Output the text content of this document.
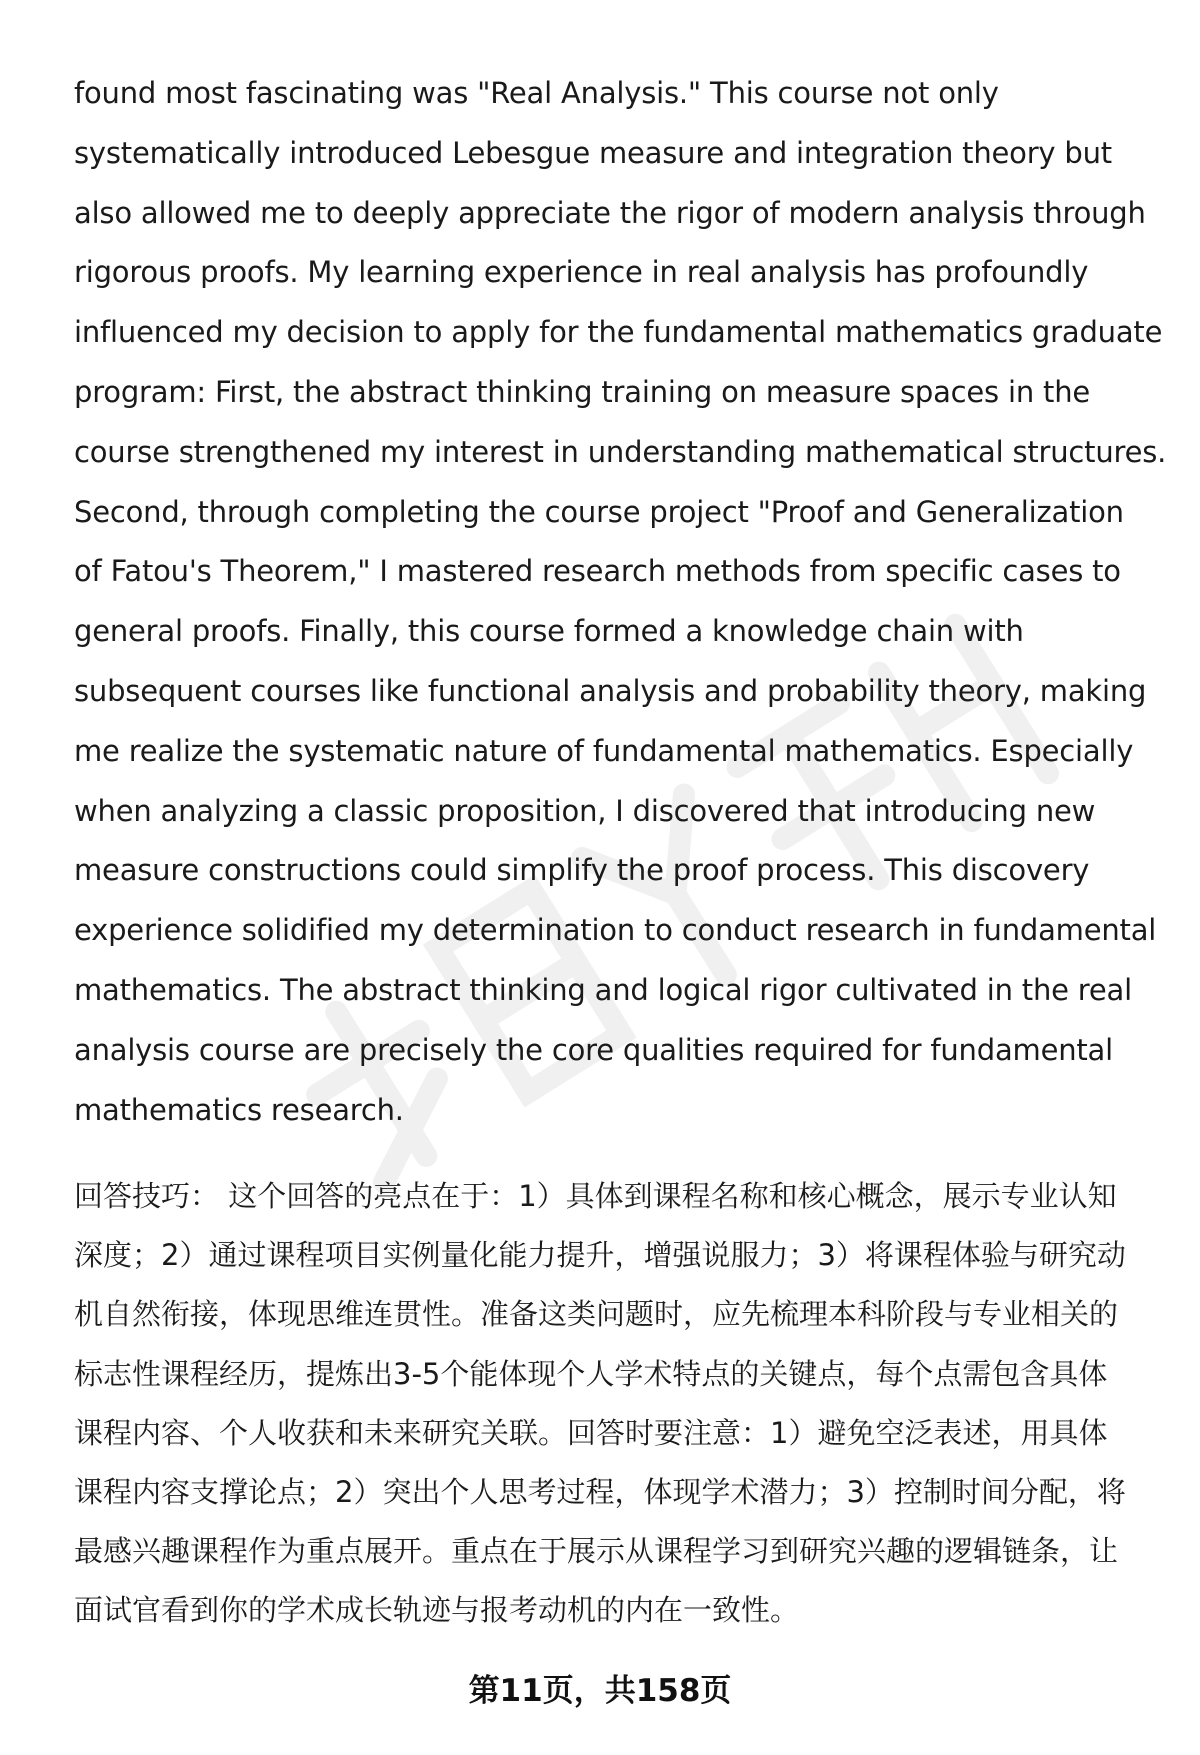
found most fascinating was "Real Analysis." This course not only
systematically introduced Lebesgue measure and integration theory but
also allowed me to deeply appreciate the rigor of modern analysis through
rigorous proofs. My learning experience in real analysis has profoundly
influenced my decision to apply for the fundamental mathematics graduate
program: First, the abstract thinking training on measure spaces in the
course strengthened my interest in understanding mathematical structures.
Second, through completing the course project "Proof and Generalization
of Fatou's Theorem," I mastered research methods from specific cases to
general proofs. Finally, this course formed a knowledge chain with
subsequent courses like functional analysis and probability theory, making
me realize the systematic nature of fundamental mathematics. Especially
when analyzing a classic proposition, I discovered that introducing new
measure constructions could simplify the proof process. This discovery
experience solidified my determination to conduct research in fundamental
mathematics. The abstract thinking and logical rigor cultivated in the real
analysis course are precisely the core qualities required for fundamental
mathematics research.
回答技巧： 这个回答的亮点在于：1）具体到课程名称和核心概念，展示专业认知
深度；2）通过课程项目实例量化能力提升，增强说服力；3）将课程体验与研究动
机自然衔接，体现思维连贯性。准备这类问题时，应先梳理本科阶段与专业相关的
标志性课程经历，提炼出3-5个能体现个人学术特点的关键点，每个点需包含具体
课程内容、个人收获和未来研究关联。回答时要注意：1）避免空泛表述，用具体
课程内容支撑论点；2）突出个人思考过程，体现学术潜力；3）控制时间分配，将
最感兴趣课程作为重点展开。重点在于展示从课程学习到研究兴趣的逻辑链条，让
面试官看到你的学术成长轨迹与报考动机的内在一致性。
第11页，共158页
